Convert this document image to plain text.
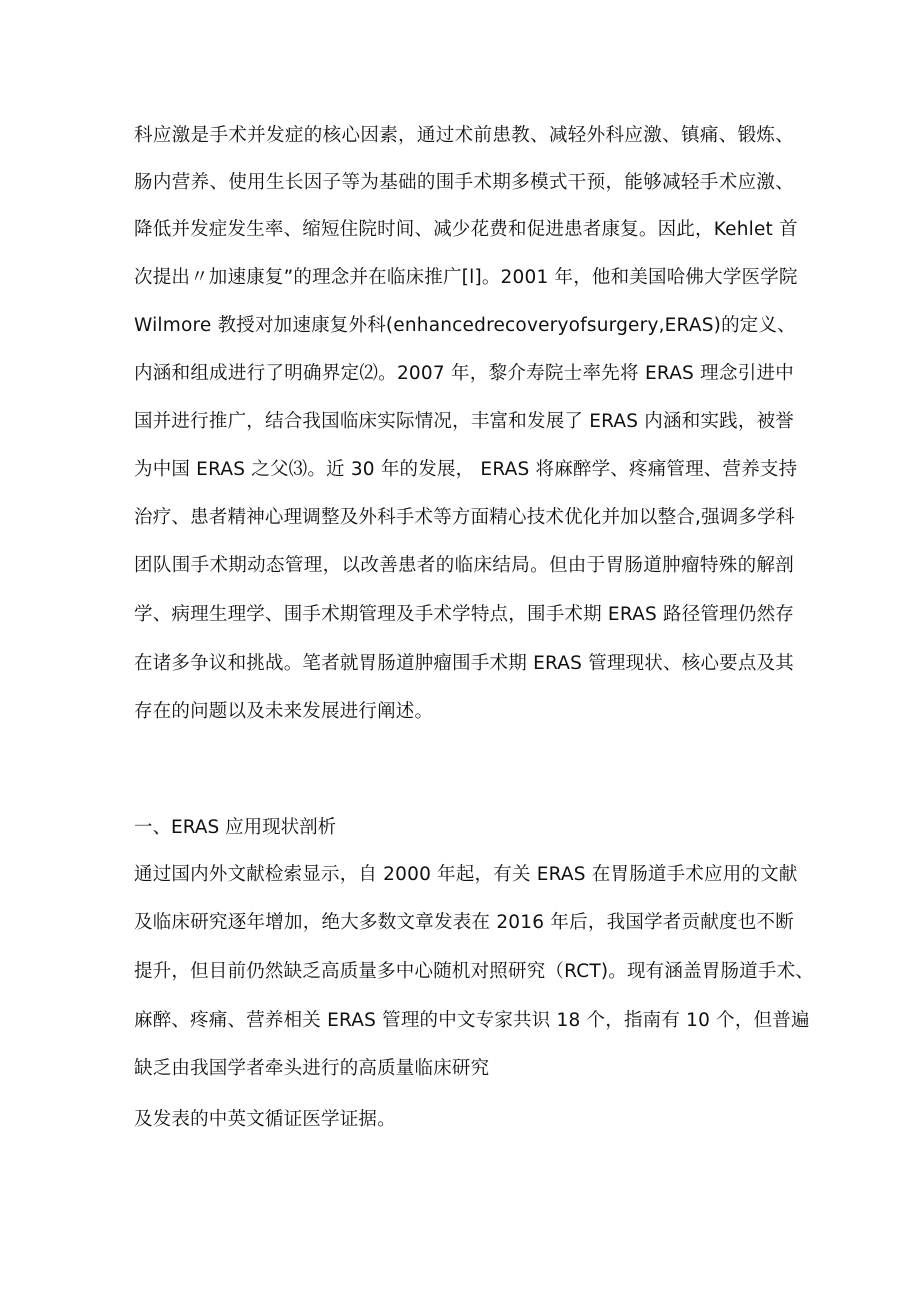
科应激是手术并发症的核心因素，通过术前患教、减轻外科应激、镇痛、锻炼、
肠内营养、使用生长因子等为基础的围手术期多模式干预，能够减轻手术应激、
降低并发症发生率、缩短住院时间、减少花费和促进患者康复。因此，Kehlet 首
次提出〃加速康复”的理念并在临床推广[l]。2001 年，他和美国哈佛大学医学院
Wilmore 教授对加速康复外科(enhancedrecoveryofsurgery,ERAS)的定义、
内涵和组成进行了明确界定⑵。2007 年，黎介寿院士率先将 ERAS 理念引进中
国并进行推广，结合我国临床实际情况，丰富和发展了 ERAS 内涵和实践，被誉
为中国 ERAS 之父⑶。近 30 年的发展， ERAS 将麻醉学、疼痛管理、营养支持
治疗、患者精神心理调整及外科手术等方面精心技术优化并加以整合,强调多学科
团队围手术期动态管理，以改善患者的临床结局。但由于胃肠道肿瘤特殊的解剖
学、病理生理学、围手术期管理及手术学特点，围手术期 ERAS 路径管理仍然存
在诸多争议和挑战。笔者就胃肠道肿瘤围手术期 ERAS 管理现状、核心要点及其
存在的问题以及未来发展进行阐述。
一、ERAS 应用现状剖析
通过国内外文献检索显示，自 2000 年起，有关 ERAS 在胃肠道手术应用的文献
及临床研究逐年增加，绝大多数文章发表在 2016 年后，我国学者贡献度也不断
提升，但目前仍然缺乏高质量多中心随机对照研究（RCT)。现有涵盖胃肠道手术、
麻醉、疼痛、营养相关 ERAS 管理的中文专家共识 18 个，指南有 10 个，但普遍
缺乏由我国学者牵头进行的高质量临床研究
及发表的中英文循证医学证据。
